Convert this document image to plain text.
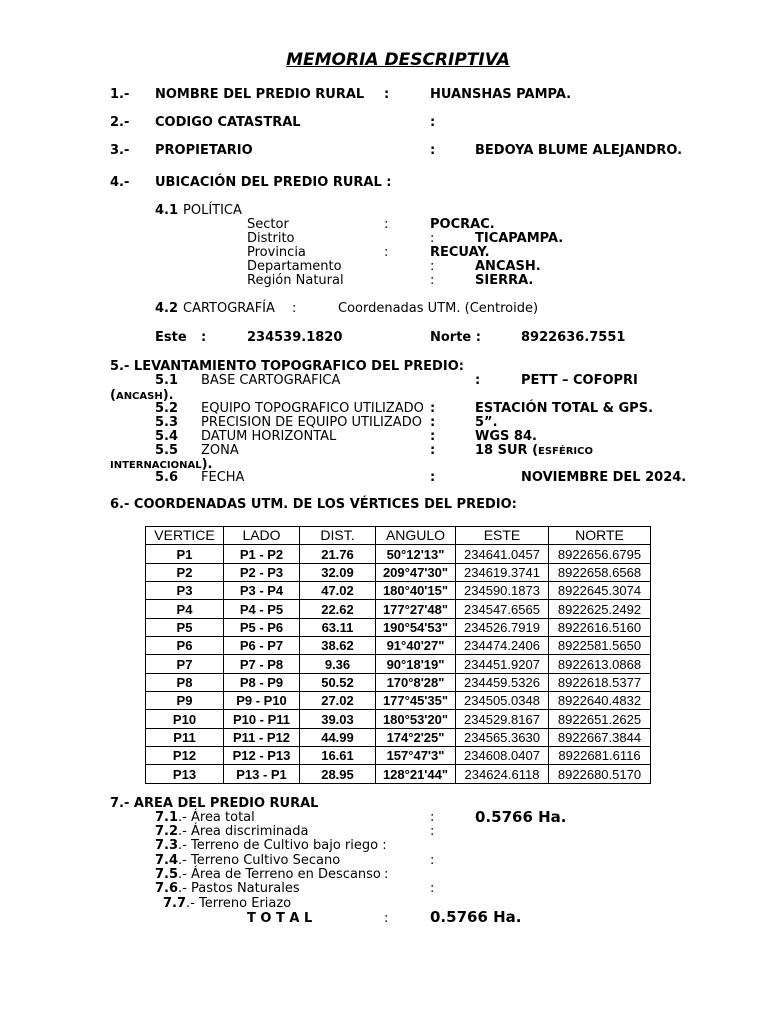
MEMORIA DESCRIPTIVA
1.- NOMBRE DEL PREDIO RURAL :	HUANSHAS PAMPA.
2.- CODIGO CATASTRAL	:
3.- PROPIETARIO	:	BEDOYA BLUME ALEJANDRO.
4.- UBICACIÓN DEL PREDIO RURAL :
4.1 POLÍTICA
Sector	:	POCRAC.
Distrito	:	TICAPAMPA.
Provincia	:	RECUAY.
Departamento	:	ANCASH.
Región Natural	:	SIERRA.
4.2 CARTOGRAFÍA :	Coordenadas UTM. (Centroide)
Este :	234539.1820	Norte :	8922636.7551
5.- LEVANTAMIENTO TOPOGRAFICO DEL PREDIO:
5.1 BASE CARTOGRAFICA	:	PETT – COFOPRI
(ANCASH).
5.2 EQUIPO TOPOGRAFICO UTILIZADO :	ESTACIÓN TOTAL & GPS.
5.3 PRECISION DE EQUIPO UTILIZADO :	5”.
5.4 DATUM HORIZONTAL	:	WGS 84.
5.5 ZONA	:	18 SUR (ESFÉRICO
INTERNACIONAL).
5.6 FECHA	:	NOVIEMBRE DEL 2024.
6.- COORDENADAS UTM. DE LOS VÉRTICES DEL PREDIO:
VERTICE	LADO	DIST.	ANGULO	ESTE	NORTE
P1	P1 - P2	21.76	50°12'13"	234641.0457	8922656.6795
P2	P2 - P3	32.09	209°47'30"	234619.3741	8922658.6568
P3	P3 - P4	47.02	180°40'15"	234590.1873	8922645.3074
P4	P4 - P5	22.62	177°27'48"	234547.6565	8922625.2492
P5	P5 - P6	63.11	190°54'53"	234526.7919	8922616.5160
P6	P6 - P7	38.62	91°40'27"	234474.2406	8922581.5650
P7	P7 - P8	9.36	90°18'19"	234451.9207	8922613.0868
P8	P8 - P9	50.52	170°8'28"	234459.5326	8922618.5377
P9	P9 - P10	27.02	177°45'35"	234505.0348	8922640.4832
P10	P10 - P11	39.03	180°53'20"	234529.8167	8922651.2625
P11	P11 - P12	44.99	174°2'25"	234565.3630	8922667.3844
P12	P12 - P13	16.61	157°47'3"	234608.0407	8922681.6116
P13	P13 - P1	28.95	128°21'44"	234624.6118	8922680.5170
7.- AREA DEL PREDIO RURAL
7.1.- Área total	:	0.5766 Ha.
7.2.- Área discriminada	:
7.3.- Terreno de Cultivo bajo riego :
7.4.- Terreno Cultivo Secano	:
7.5.- Área de Terreno en Descanso :
7.6.- Pastos Naturales	:
7.7.- Terreno Eriazo
T O T A L	:	0.5766 Ha.
